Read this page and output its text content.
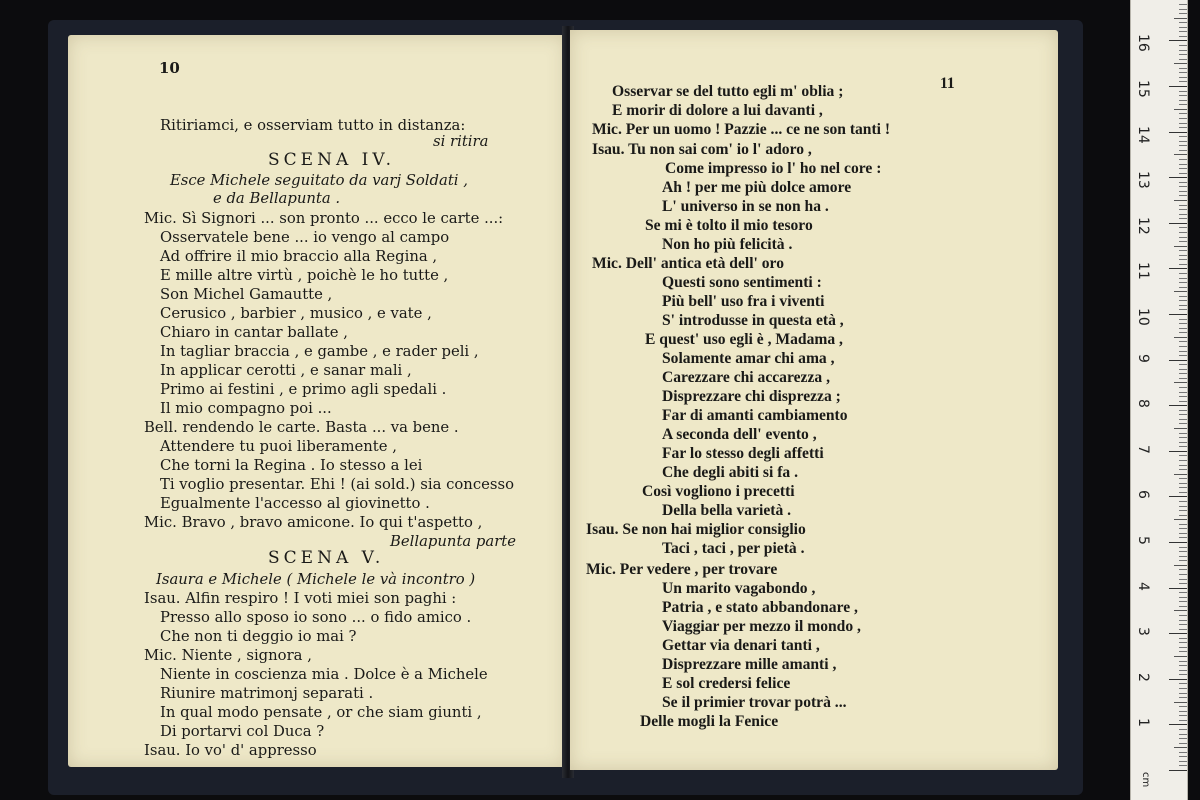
10
Ritiriamci, e osserviam tutto in distanza:
si ritira
SCENA IV.
Esce Michele seguitato da varj Soldati ,
e da Bellapunta .
Mic. Sì Signori ... son pronto ... ecco le carte ...:
Osservatele bene ... io vengo al campo
Ad offrire il mio braccio alla Regina ,
E mille altre virtù , poichè le ho tutte ,
Son Michel Gamautte ,
Cerusico , barbier , musico , e vate ,
Chiaro in cantar ballate ,
In tagliar braccia , e gambe , e rader peli ,
In applicar cerotti , e sanar mali ,
Primo ai festini , e primo agli spedali .
Il mio compagno poi ...
Bell. rendendo le carte. Basta ... va bene .
Attendere tu puoi liberamente ,
Che torni la Regina . Io stesso a lei
Ti voglio presentar. Ehi ! (ai sold.) sia concesso
Egualmente l'accesso al giovinetto .
Mic. Bravo , bravo amicone. Io qui t'aspetto ,
Bellapunta parte
SCENA V.
Isaura e Michele ( Michele le và incontro )
Isau. Alfin respiro ! I voti miei son paghi :
Presso allo sposo io sono ... o fido amico .
Che non ti deggio io mai ?
Mic. Niente , signora ,
Niente in coscienza mia . Dolce è a Michele
Riunire matrimonj separati .
In qual modo pensate , or che siam giunti ,
Di portarvi col Duca ?
Isau. Io vo' d' appresso
11
Osservar se del tutto egli m' oblia ;
E morir di dolore a lui davanti ,
Mic. Per un uomo ! Pazzie ... ce ne son tanti !
Isau. Tu non sai com' io l' adoro ,
Come impresso io l' ho nel core :
Ah ! per me più dolce amore
L' universo in se non ha .
Se mi è tolto il mio tesoro
Non ho più felicità .
Mic. Dell' antica età dell' oro
Questi sono sentimenti :
Più bell' uso fra i viventi
S' introdusse in questa età ,
E quest' uso egli è , Madama ,
Solamente amar chi ama ,
Carezzare chi accarezza ,
Disprezzare chi disprezza ;
Far di amanti cambiamento
A seconda dell' evento ,
Far lo stesso degli affetti
Che degli abiti si fa .
Così vogliono i precetti
Della bella varietà .
Isau. Se non hai miglior consiglio
Taci , taci , per pietà .
Mic. Per vedere , per trovare
Un marito vagabondo ,
Patria , e stato abbandonare ,
Viaggiar per mezzo il mondo ,
Gettar via denari tanti ,
Disprezzare mille amanti ,
E sol credersi felice
Se il primier trovar potrà ...
Delle mogli la Fenice
cm
1
2
3
4
5
6
7
8
9
10
11
12
13
14
15
16
